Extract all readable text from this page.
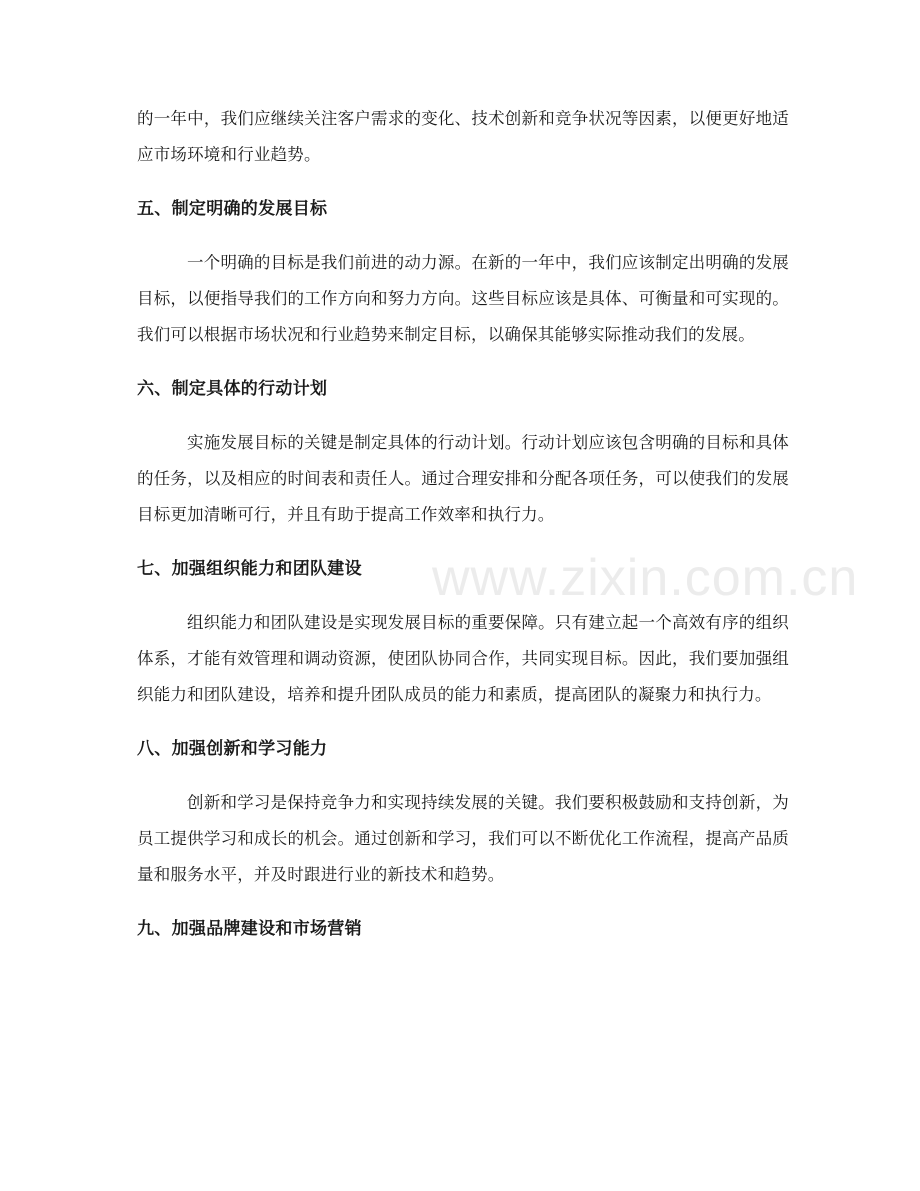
www.zixin.com.cn

的一年中，我们应继续关注客户需求的变化、技术创新和竞争状况等因素，以便更好地适应市场环境和行业趋势。

五、制定明确的发展目标

一个明确的目标是我们前进的动力源。在新的一年中，我们应该制定出明确的发展目标，以便指导我们的工作方向和努力方向。这些目标应该是具体、可衡量和可实现的。我们可以根据市场状况和行业趋势来制定目标，以确保其能够实际推动我们的发展。

六、制定具体的行动计划

实施发展目标的关键是制定具体的行动计划。行动计划应该包含明确的目标和具体的任务，以及相应的时间表和责任人。通过合理安排和分配各项任务，可以使我们的发展目标更加清晰可行，并且有助于提高工作效率和执行力。

七、加强组织能力和团队建设

组织能力和团队建设是实现发展目标的重要保障。只有建立起一个高效有序的组织体系，才能有效管理和调动资源，使团队协同合作，共同实现目标。因此，我们要加强组织能力和团队建设，培养和提升团队成员的能力和素质，提高团队的凝聚力和执行力。

八、加强创新和学习能力

创新和学习是保持竞争力和实现持续发展的关键。我们要积极鼓励和支持创新，为员工提供学习和成长的机会。通过创新和学习，我们可以不断优化工作流程，提高产品质量和服务水平，并及时跟进行业的新技术和趋势。

九、加强品牌建设和市场营销
